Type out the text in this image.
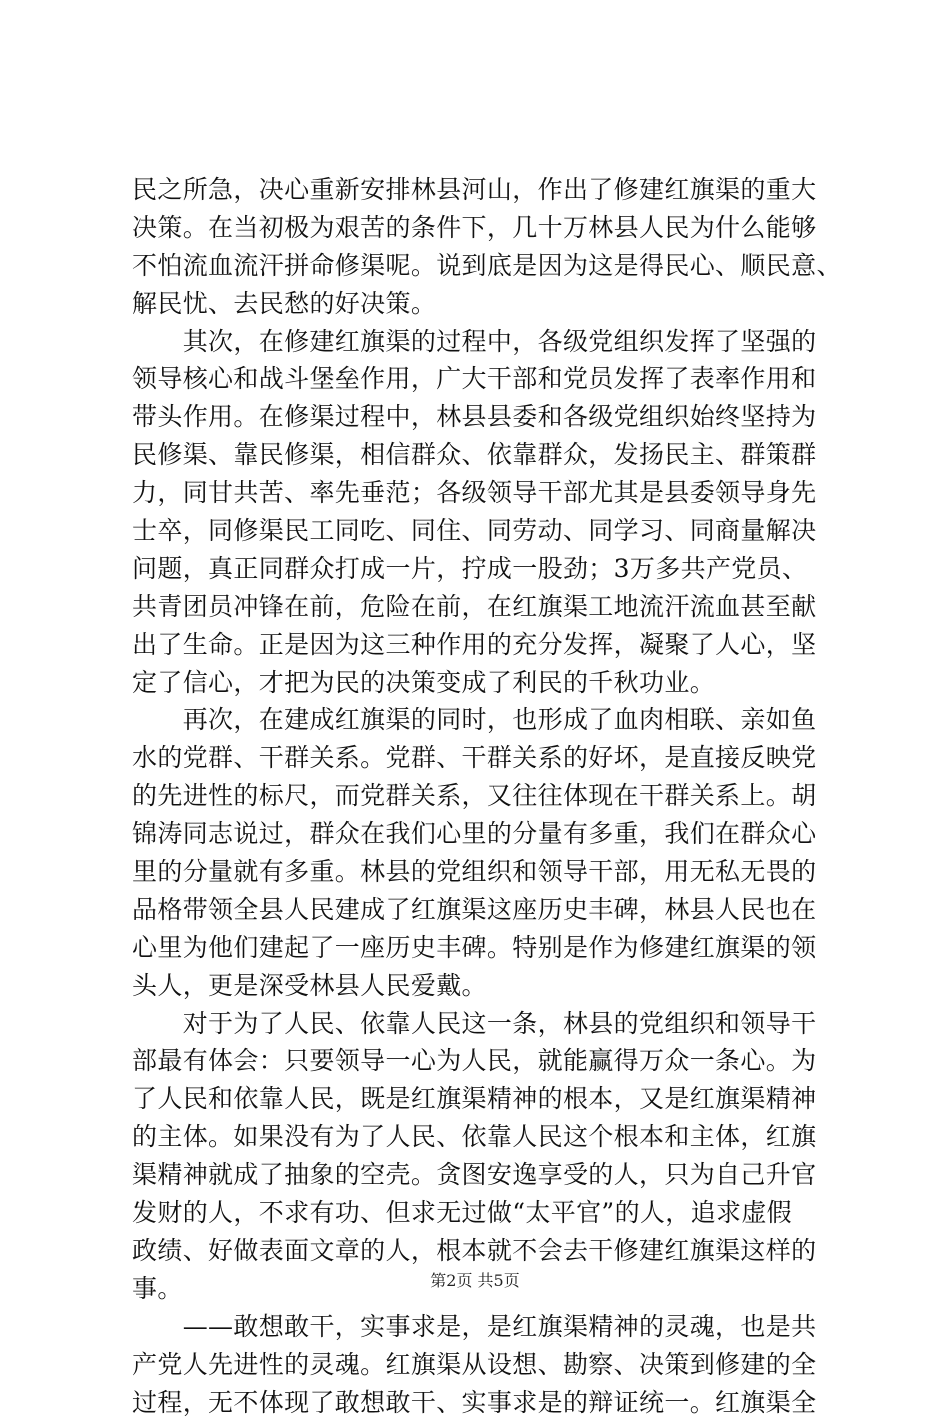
民之所急，决心重新安排林县河山，作出了修建红旗渠的重大
决策。在当初极为艰苦的条件下，几十万林县人民为什么能够
不怕流血流汗拼命修渠呢。说到底是因为这是得民心、顺民意、
解民忧、去民愁的好决策。
　　其次，在修建红旗渠的过程中，各级党组织发挥了坚强的
领导核心和战斗堡垒作用，广大干部和党员发挥了表率作用和
带头作用。在修渠过程中，林县县委和各级党组织始终坚持为
民修渠、靠民修渠，相信群众、依靠群众，发扬民主、群策群
力，同甘共苦、率先垂范；各级领导干部尤其是县委领导身先
士卒，同修渠民工同吃、同住、同劳动、同学习、同商量解决
问题，真正同群众打成一片，拧成一股劲；3万多共产党员、
共青团员冲锋在前，危险在前，在红旗渠工地流汗流血甚至献
出了生命。正是因为这三种作用的充分发挥，凝聚了人心，坚
定了信心，才把为民的决策变成了利民的千秋功业。
　　再次，在建成红旗渠的同时，也形成了血肉相联、亲如鱼
水的党群、干群关系。党群、干群关系的好坏，是直接反映党
的先进性的标尺，而党群关系，又往往体现在干群关系上。胡
锦涛同志说过，群众在我们心里的分量有多重，我们在群众心
里的分量就有多重。林县的党组织和领导干部，用无私无畏的
品格带领全县人民建成了红旗渠这座历史丰碑，林县人民也在
心里为他们建起了一座历史丰碑。特别是作为修建红旗渠的领
头人，更是深受林县人民爱戴。
　　对于为了人民、依靠人民这一条，林县的党组织和领导干
部最有体会：只要领导一心为人民，就能赢得万众一条心。为
了人民和依靠人民，既是红旗渠精神的根本，又是红旗渠精神
的主体。如果没有为了人民、依靠人民这个根本和主体，红旗
渠精神就成了抽象的空壳。贪图安逸享受的人，只为自己升官
发财的人，不求有功、但求无过做“太平官”的人，追求虚假
政绩、好做表面文章的人，根本就不会去干修建红旗渠这样的
事。
　　——敢想敢干，实事求是，是红旗渠精神的灵魂，也是共
产党人先进性的灵魂。红旗渠从设想、勘察、决策到修建的全
过程，无不体现了敢想敢干、实事求是的辩证统一。红旗渠全
第2页 共5页
